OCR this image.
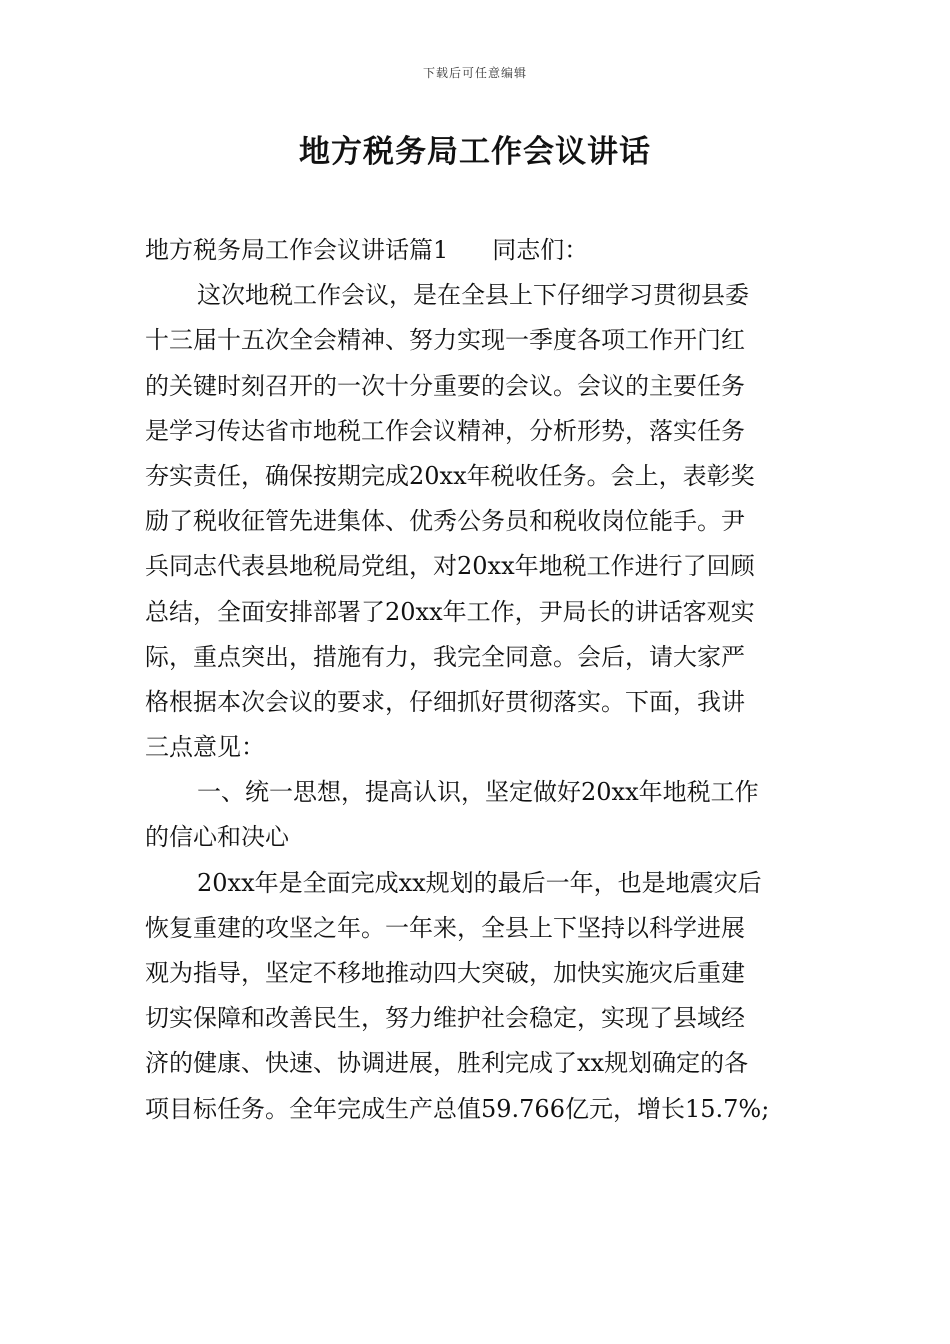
下载后可任意编辑
地方税务局工作会议讲话
地方税务局工作会议讲话篇1 同志们：
这次地税工作会议，是在全县上下仔细学习贯彻县委
十三届十五次全会精神、努力实现一季度各项工作开门红
的关键时刻召开的一次十分重要的会议。会议的主要任务
是学习传达省市地税工作会议精神，分析形势，落实任务
夯实责任，确保按期完成20xx年税收任务。会上，表彰奖
励了税收征管先进集体、优秀公务员和税收岗位能手。尹
兵同志代表县地税局党组，对20xx年地税工作进行了回顾
总结，全面安排部署了20xx年工作，尹局长的讲话客观实
际，重点突出，措施有力，我完全同意。会后，请大家严
格根据本次会议的要求，仔细抓好贯彻落实。下面，我讲
三点意见：
一、统一思想，提高认识，坚定做好20xx年地税工作
的信心和决心
20xx年是全面完成xx规划的最后一年，也是地震灾后
恢复重建的攻坚之年。一年来，全县上下坚持以科学进展
观为指导，坚定不移地推动四大突破，加快实施灾后重建
切实保障和改善民生，努力维护社会稳定，实现了县域经
济的健康、快速、协调进展，胜利完成了xx规划确定的各
项目标任务。全年完成生产总值59.766亿元，增长15.7%;
